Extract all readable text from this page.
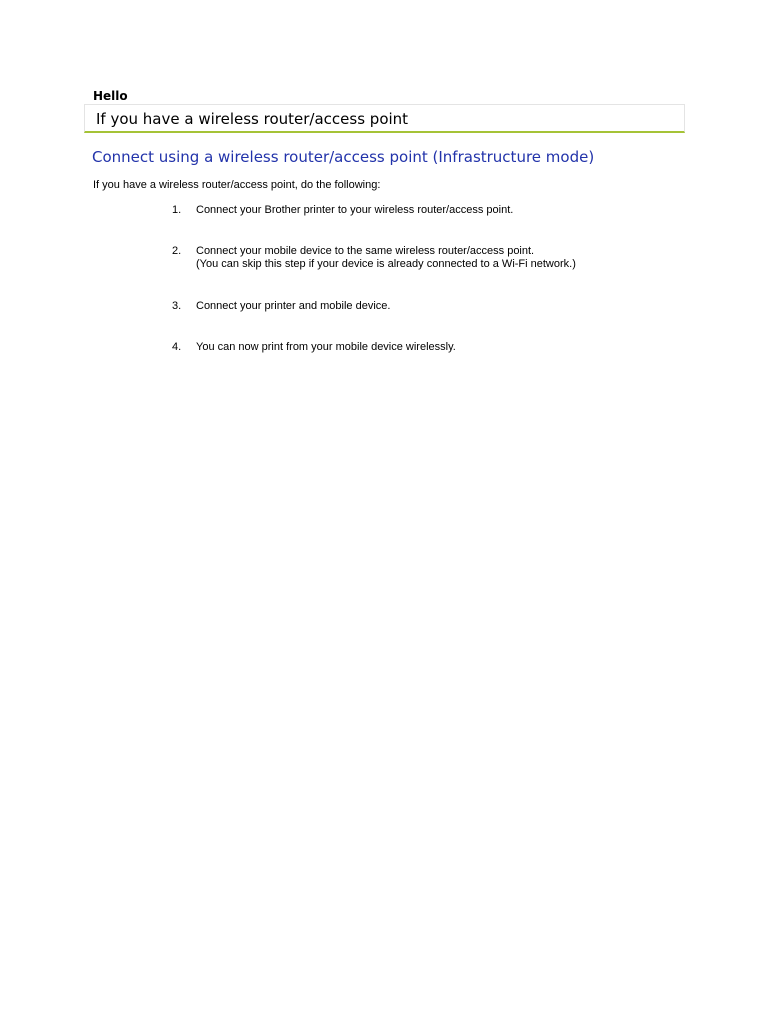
Hello
If you have a wireless router/access point
Connect using a wireless router/access point (Infrastructure mode)
If you have a wireless router/access point, do the following:
1. Connect your Brother printer to your wireless router/access point.
2. Connect your mobile device to the same wireless router/access point.
(You can skip this step if your device is already connected to a Wi-Fi network.)
3. Connect your printer and mobile device.
4. You can now print from your mobile device wirelessly.
